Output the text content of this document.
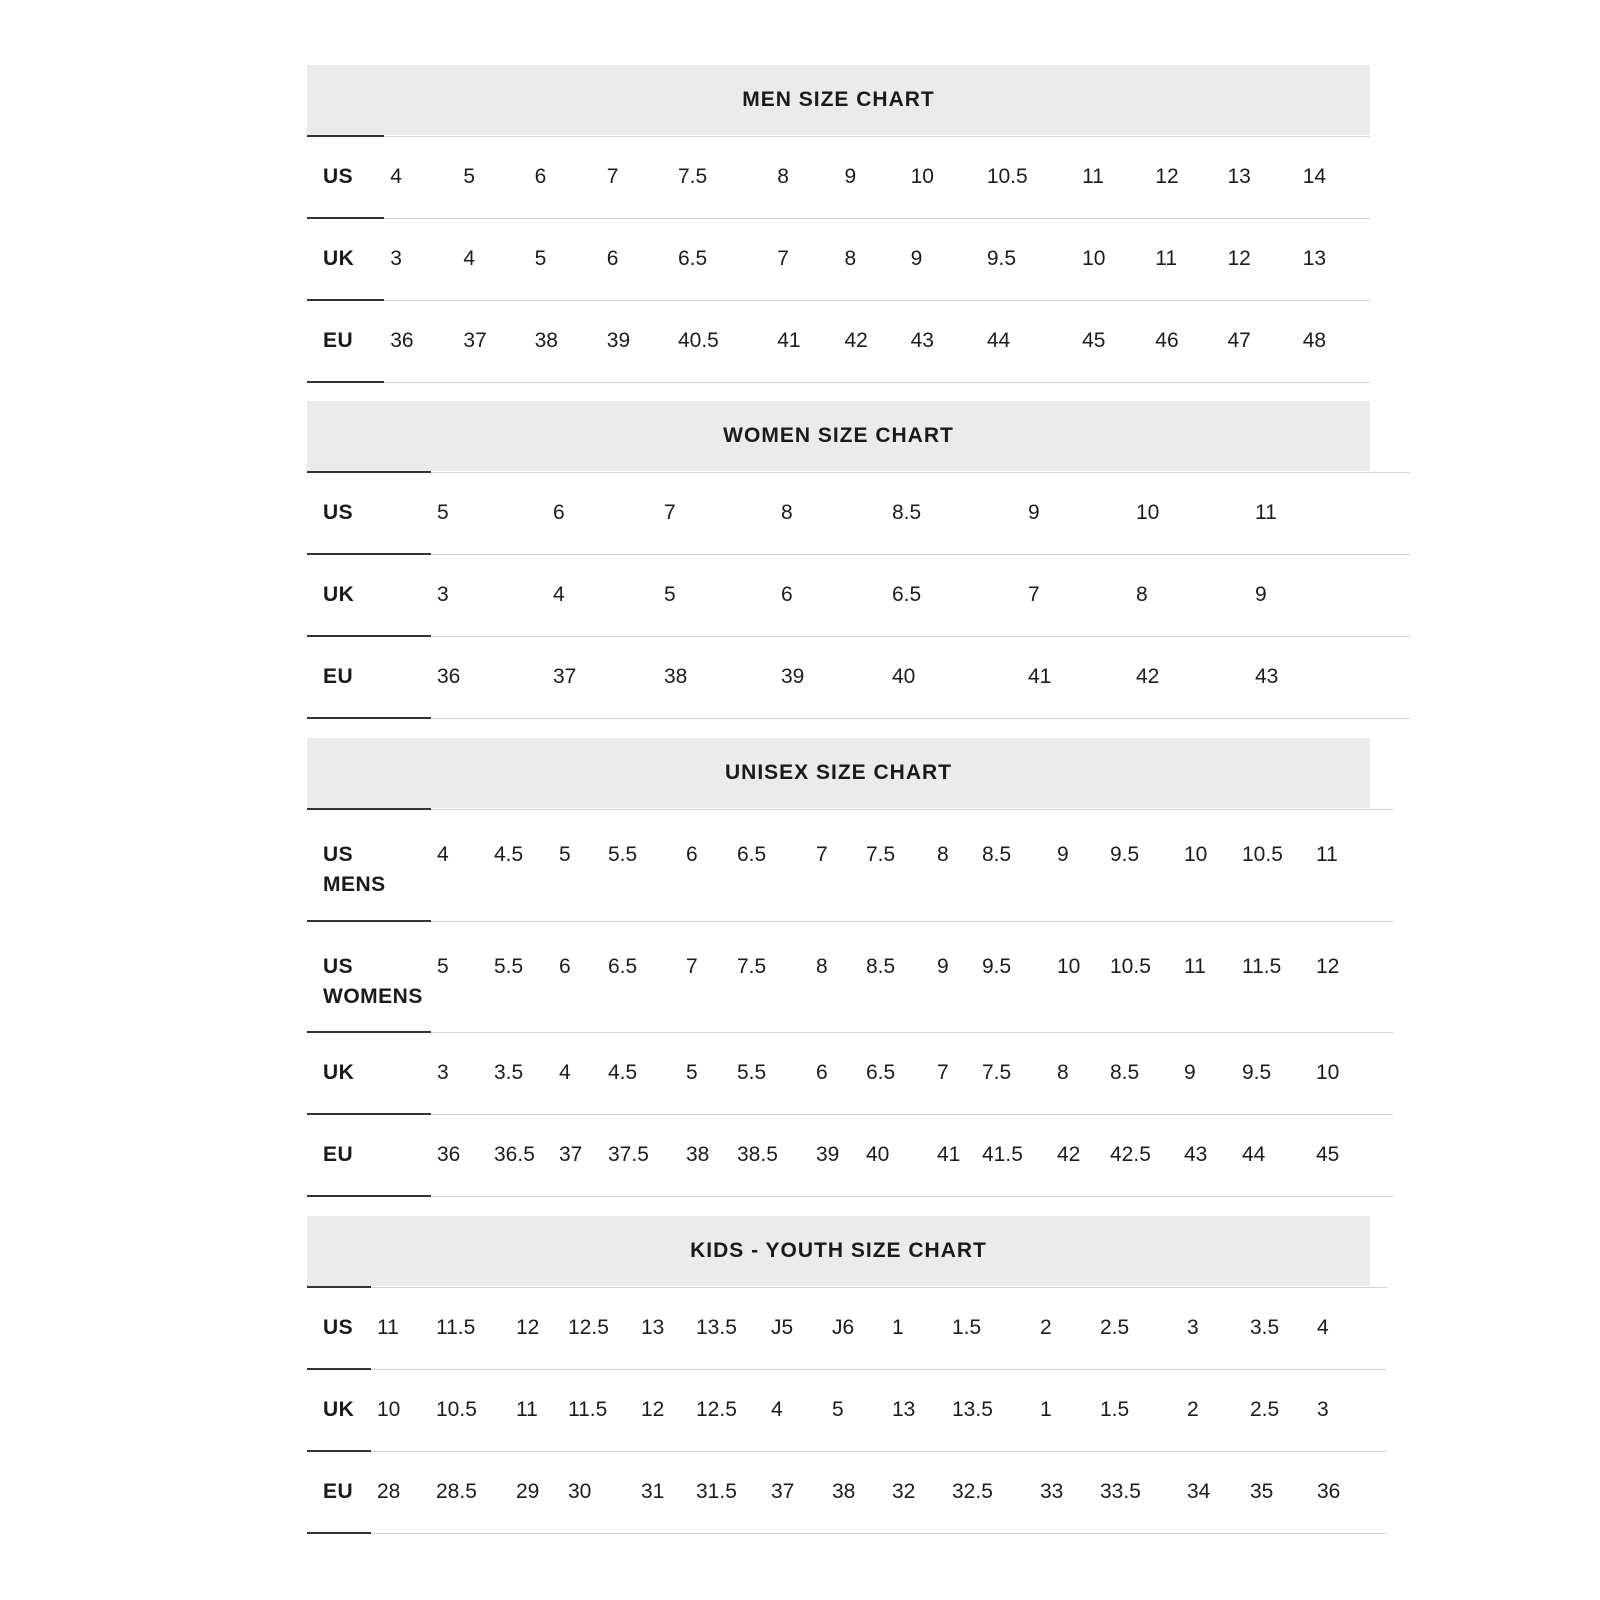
MEN SIZE CHART
US	4	5	6	7	7.5	8	9	10	10.5	11	12	13	14

UK	3	4	5	6	6.5	7	8	9	9.5	10	11	12	13

EU	36	37	38	39	40.5	41	42	43	44	45	46	47	48
WOMEN SIZE CHART
US	5	6	7	8	8.5	9	10	11

UK	3	4	5	6	6.5	7	8	9

EU	36	37	38	39	40	41	42	43
UNISEX SIZE CHART
US
MENS	4	4.5	5	5.5	6	6.5	7	7.5	8	8.5	9	9.5	10	10.5	11

US
WOMENS	5	5.5	6	6.5	7	7.5	8	8.5	9	9.5	10	10.5	11	11.5	12

UK	3	3.5	4	4.5	5	5.5	6	6.5	7	7.5	8	8.5	9	9.5	10

EU	36	36.5	37	37.5	38	38.5	39	40	41	41.5	42	42.5	43	44	45
KIDS - YOUTH SIZE CHART
US	11	11.5	12	12.5	13	13.5	J5	J6	1	1.5	2	2.5	3	3.5	4

UK	10	10.5	11	11.5	12	12.5	4	5	13	13.5	1	1.5	2	2.5	3

EU	28	28.5	29	30	31	31.5	37	38	32	32.5	33	33.5	34	35	36
